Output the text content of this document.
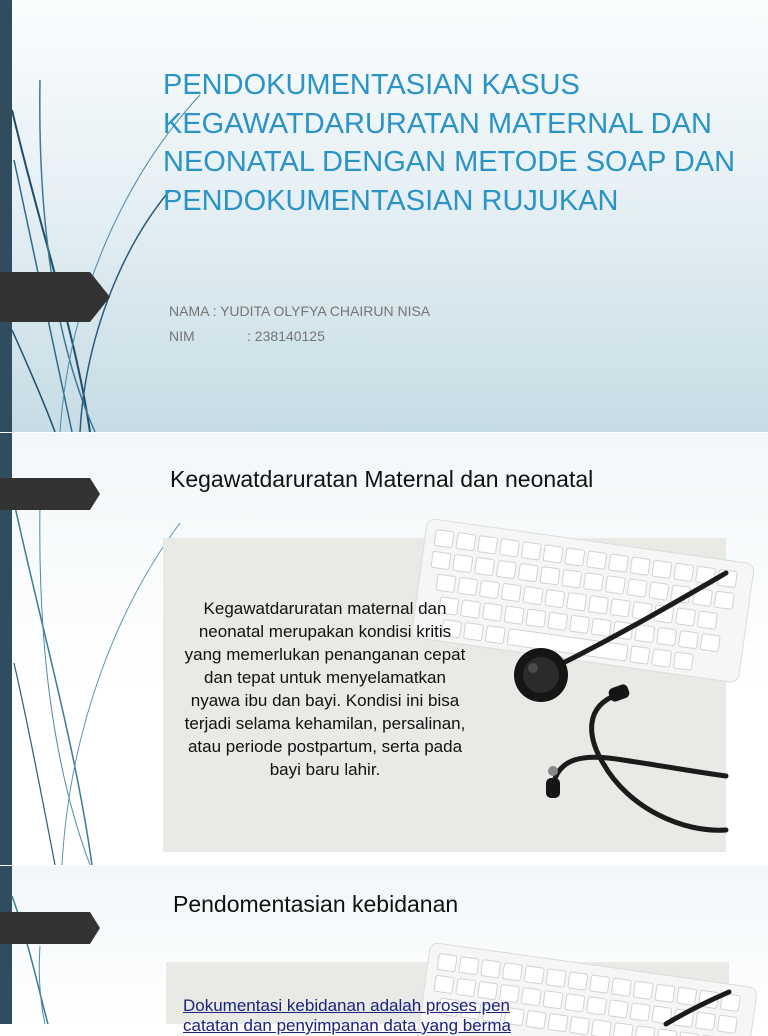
PENDOKUMENTASIAN KASUS KEGAWATDARURATAN MATERNAL DAN NEONATAL DENGAN METODE SOAP DAN PENDOKUMENTASIAN RUJUKAN
NAMA : YUDITA OLYFYA CHAIRUN NISA
NIM	: 238140125
Kegawatdaruratan Maternal dan neonatal
Kegawatdaruratan maternal dan neonatal merupakan kondisi kritis yang memerlukan penanganan cepat dan tepat untuk menyelamatkan nyawa ibu dan bayi. Kondisi ini bisa terjadi selama kehamilan, persalinan, atau periode postpartum, serta pada bayi baru lahir.
Pendomentasian kebidanan
Dokumentasi kebidanan adalah proses pen
catatan dan penyimpanan data yang berma
